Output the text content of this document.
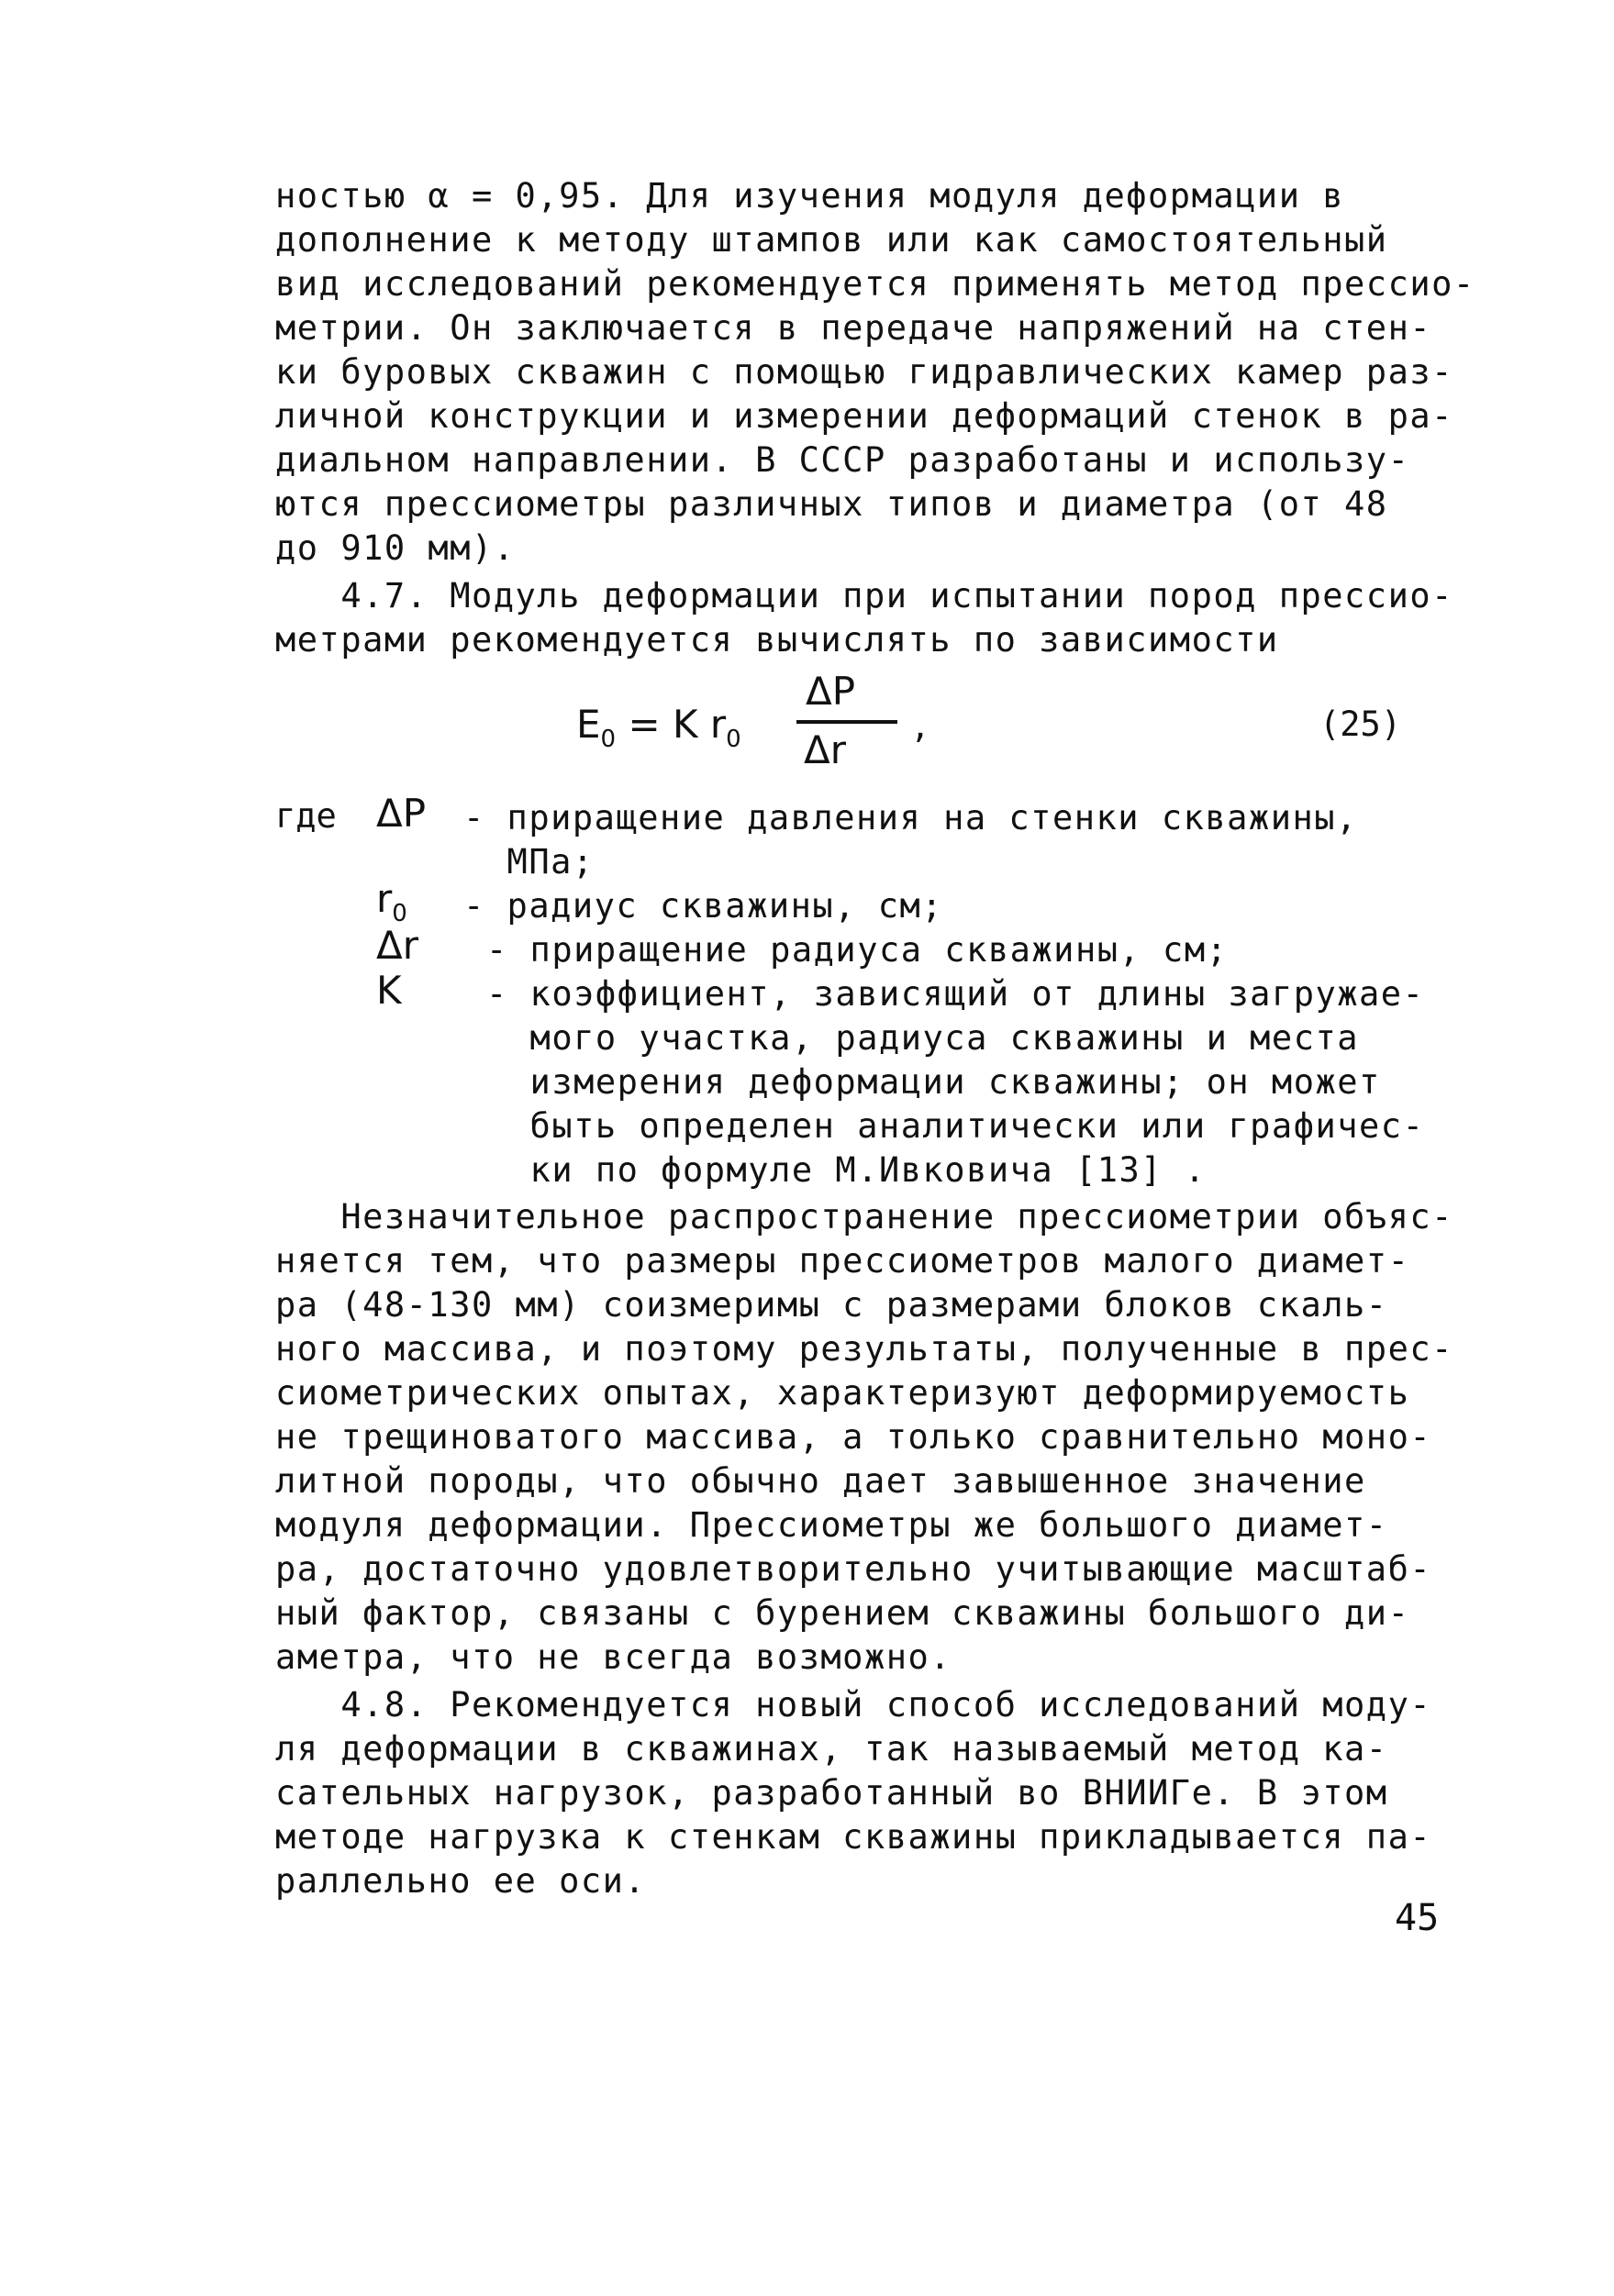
ностью α = 0,95. Для изучения модуля деформации в
дополнение к методу штампов или как самостоятельный
вид исследований рекомендуется применять метод прессио-
метрии. Он заключается в передаче напряжений на стен-
ки буровых скважин с помощью гидравлических камер раз-
личной конструкции и измерении деформаций стенок в ра-
диальном направлении. В СССР разработаны и использу-
ются прессиометры различных типов и диаметра (от 48
до 910 мм).
4.7. Модуль деформации при испытании пород прессио-
метрами рекомендуется вычислять по зависимости
$E_0 = K$ $r_0$
ΔP
Δr
,	(25)
где ΔP - приращение давления на стенки скважины,
МПа;
$r_0$ - радиус скважины, см;
Δr - приращение радиуса скважины, см;
K - коэффициент, зависящий от длины загружае-
мого участка, радиуса скважины и места
измерения деформации скважины; он может
быть определен аналитически или графичес-
ки по формуле М.Ивковича [13] .
Незначительное распространение прессиометрии объяс-
няется тем, что размеры прессиометров малого диамет-
ра (48-130 мм) соизмеримы с размерами блоков скаль-
ного массива, и поэтому результаты, полученные в прес-
сиометрических опытах, характеризуют деформируемость
не трещиноватого массива, а только сравнительно моно-
литной породы, что обычно дает завышенное значение
модуля деформации. Прессиометры же большого диамет-
ра, достаточно удовлетворительно учитывающие масштаб-
ный фактор, связаны с бурением скважины большого ди-
аметра, что не всегда возможно.
4.8. Рекомендуется новый способ исследований моду-
ля деформации в скважинах, так называемый метод ка-
сательных нагрузок, разработанный во ВНИИГе. В этом
методе нагрузка к стенкам скважины прикладывается па-
раллельно ее оси.
45
